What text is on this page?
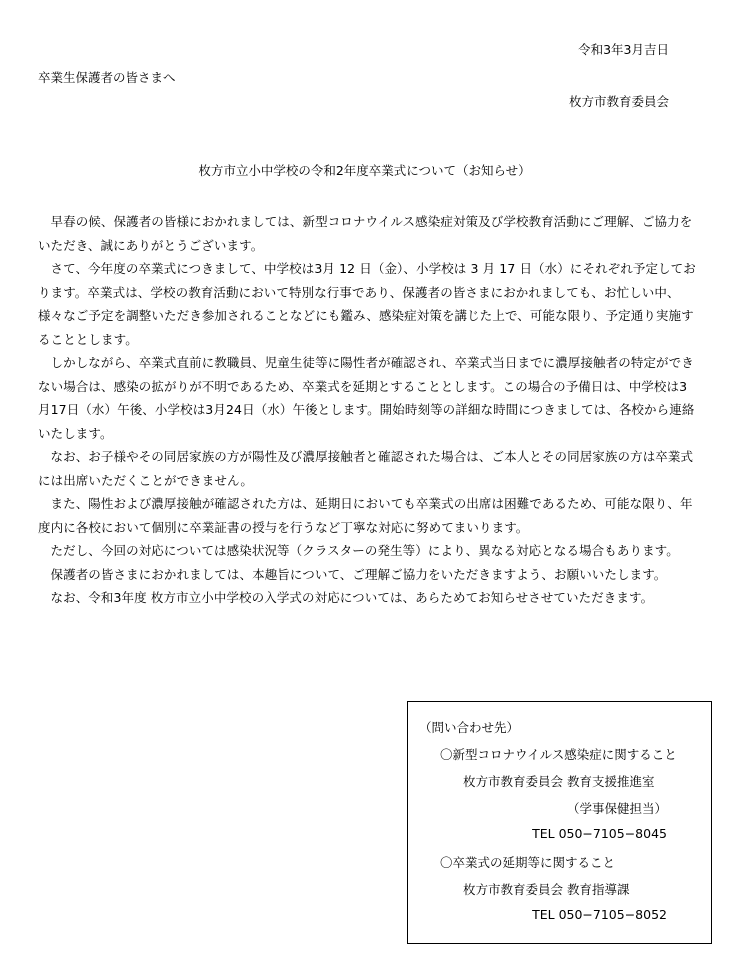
令和3年3月吉日
卒業生保護者の皆さまへ
枚方市教育委員会
枚方市立小中学校の令和2年度卒業式について（お知らせ）

早春の候、保護者の皆様におかれましては、新型コロナウイルス感染症対策及び学校教育活動にご理解、ご協力をいただき、誠にありがとうございます。

さて、今年度の卒業式につきまして、中学校は3月 12 日（金）、小学校は 3 月 17 日（水）にそれぞれ予定しております。卒業式は、学校の教育活動において特別な行事であり、保護者の皆さまにおかれましても、お忙しい中、様々なご予定を調整いただき参加されることなどにも鑑み、感染症対策を講じた上で、可能な限り、予定通り実施することとします。

しかしながら、卒業式直前に教職員、児童生徒等に陽性者が確認され、卒業式当日までに濃厚接触者の特定ができない場合は、感染の拡がりが不明であるため、卒業式を延期とすることとします。この場合の予備日は、中学校は3月17日（水）午後、小学校は3月24日（水）午後とします。開始時刻等の詳細な時間につきましては、各校から連絡いたします。

なお、お子様やその同居家族の方が陽性及び濃厚接触者と確認された場合は、ご本人とその同居家族の方は卒業式には出席いただくことができません。

また、陽性および濃厚接触が確認された方は、延期日においても卒業式の出席は困難であるため、可能な限り、年度内に各校において個別に卒業証書の授与を行うなど丁寧な対応に努めてまいります。

ただし、今回の対応については感染状況等（クラスターの発生等）により、異なる対応となる場合もあります。

保護者の皆さまにおかれましては、本趣旨について、ご理解ご協力をいただきますよう、お願いいたします。

なお、令和3年度 枚方市立小中学校の入学式の対応については、あらためてお知らせさせていただきます。

（問い合わせ先）
〇新型コロナウイルス感染症に関すること
枚方市教育委員会 教育支援推進室
（学事保健担当）
TEL 050−7105−8045
〇卒業式の延期等に関すること
枚方市教育委員会 教育指導課
TEL 050−7105−8052
